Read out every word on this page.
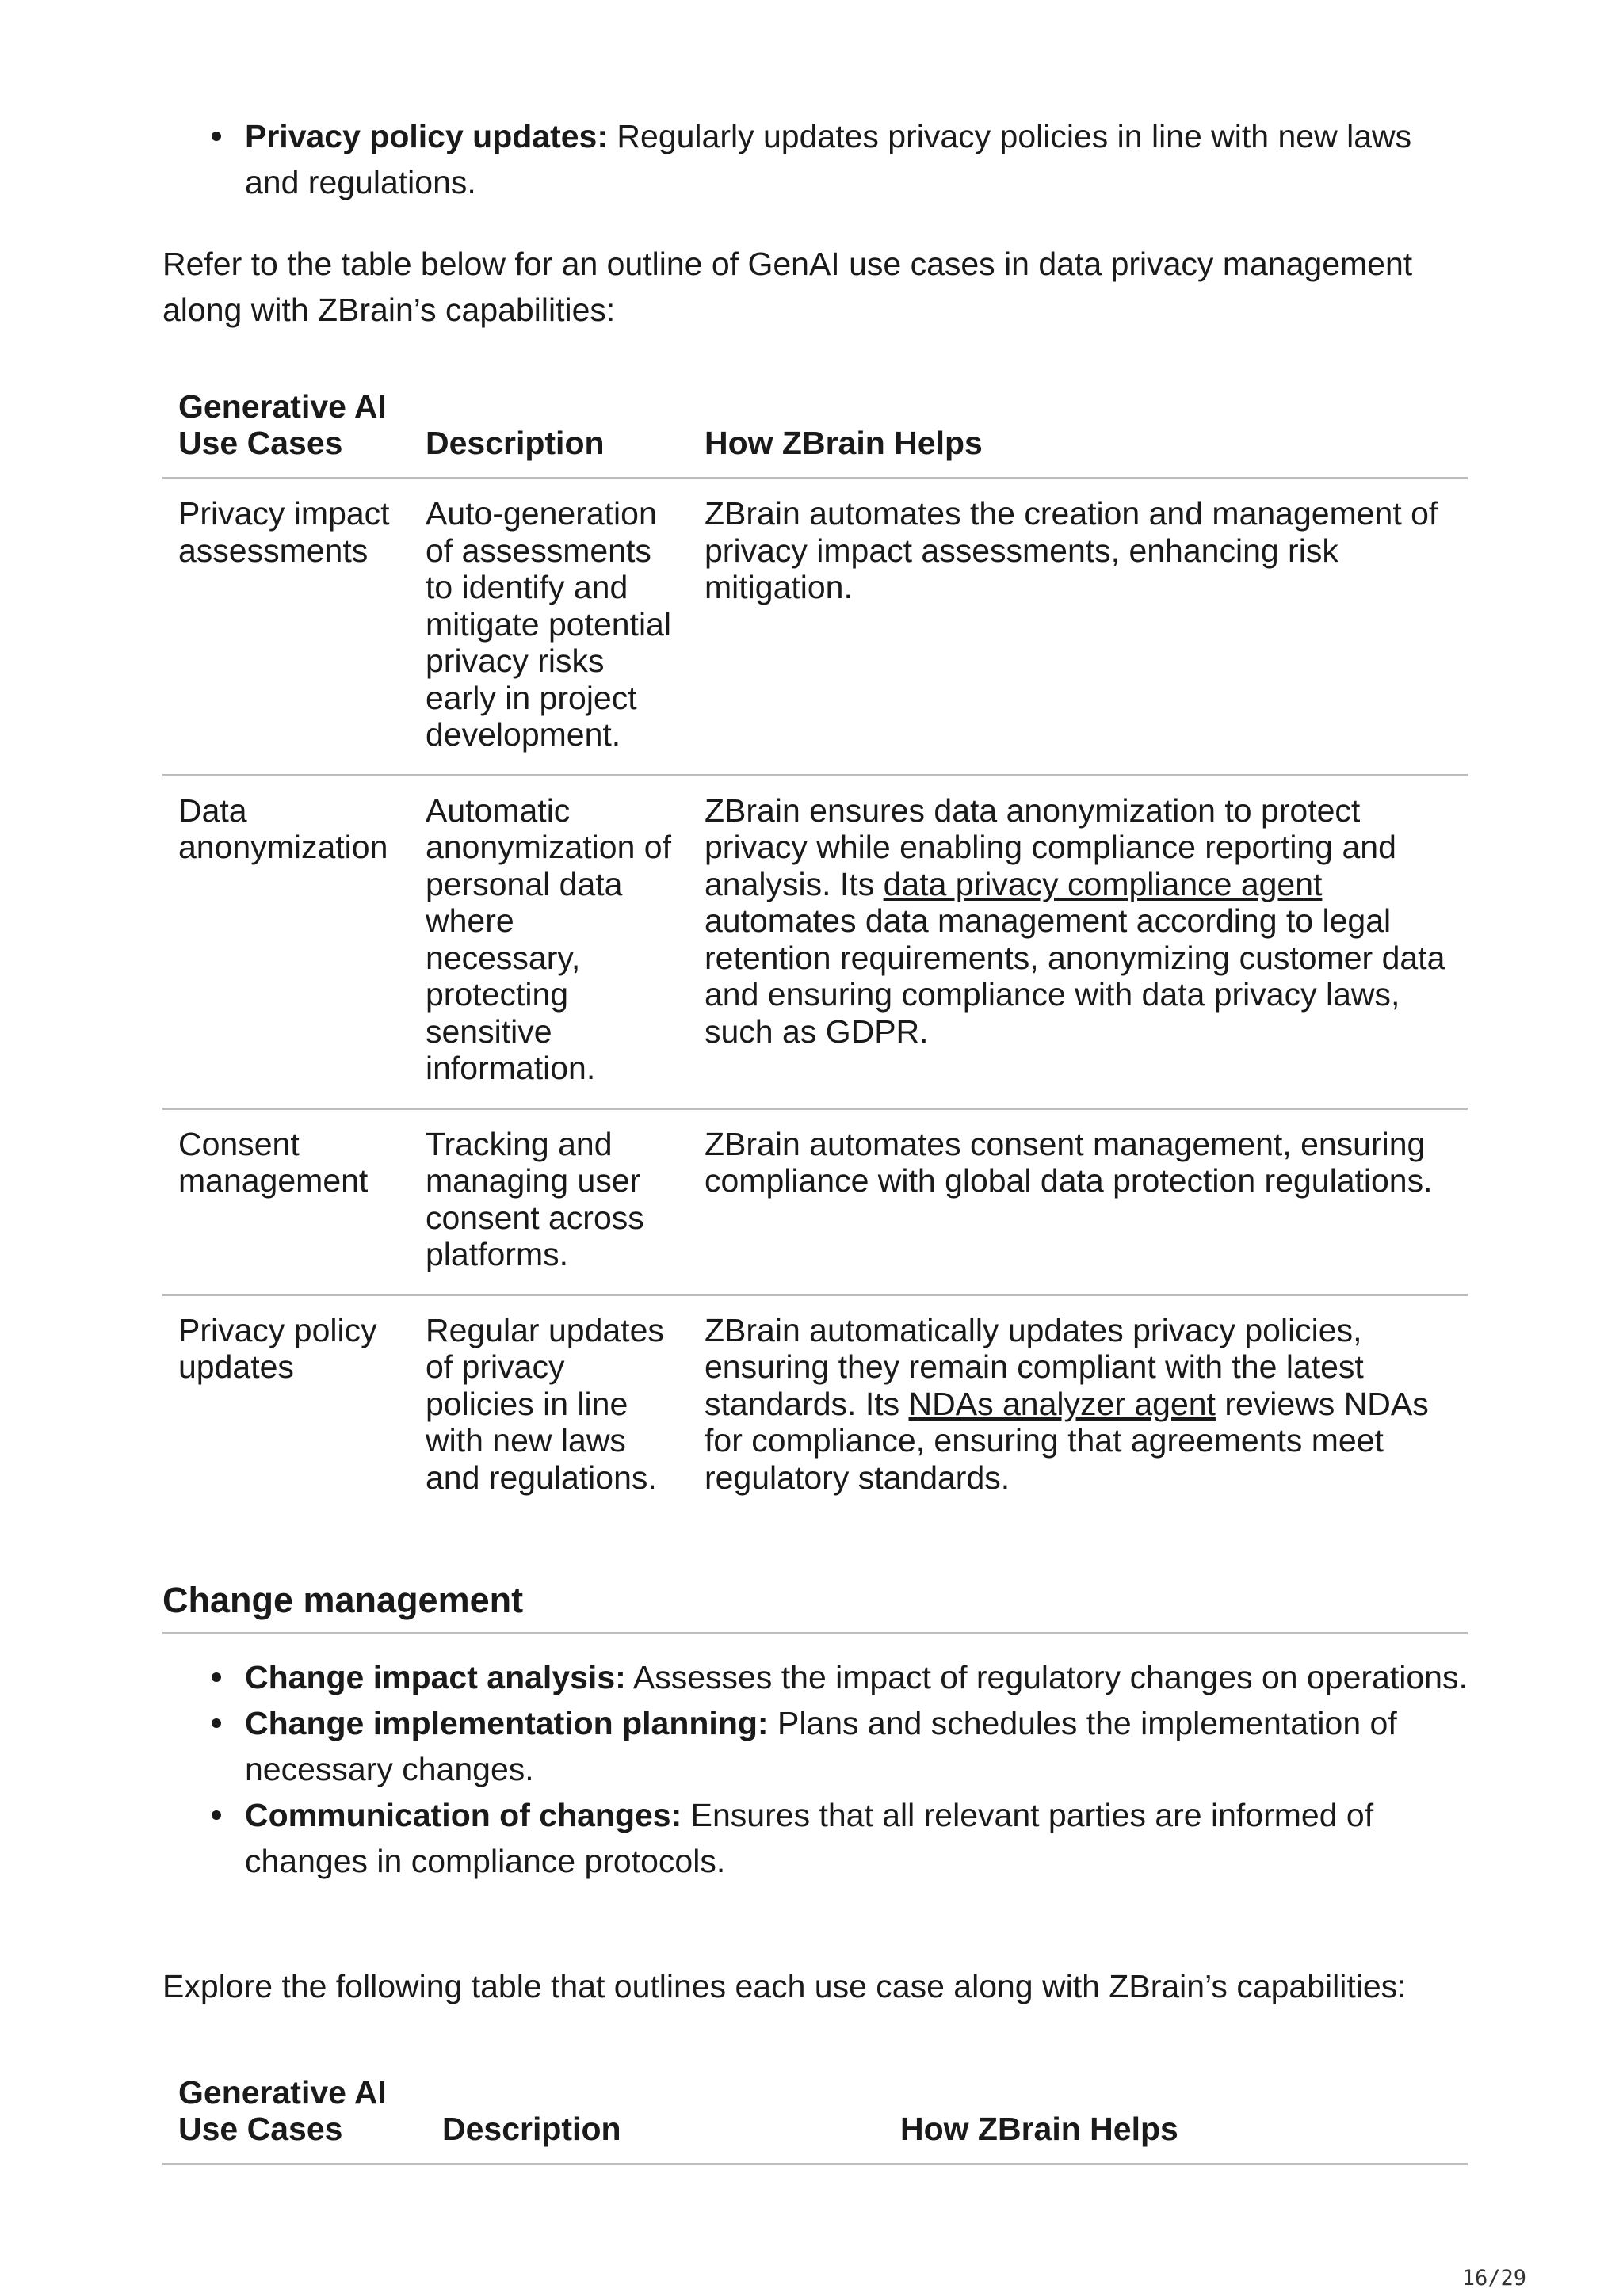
Privacy policy updates: Regularly updates privacy policies in line with new laws and regulations.

Refer to the table below for an outline of GenAI use cases in data privacy management along with ZBrain’s capabilities:

Generative AI Use Cases	Description	How ZBrain Helps
Privacy impact assessments	Auto-generation of assessments to identify and mitigate potential privacy risks early in project development.	ZBrain automates the creation and management of privacy impact assessments, enhancing risk mitigation.
Data anonymization	Automatic anonymization of personal data where necessary, protecting sensitive information.	ZBrain ensures data anonymization to protect privacy while enabling compliance reporting and analysis. Its data privacy compliance agent automates data management according to legal retention requirements, anonymizing customer data and ensuring compliance with data privacy laws, such as GDPR.
Consent management	Tracking and managing user consent across platforms.	ZBrain automates consent management, ensuring compliance with global data protection regulations.
Privacy policy updates	Regular updates of privacy policies in line with new laws and regulations.	ZBrain automatically updates privacy policies, ensuring they remain compliant with the latest standards. Its NDAs analyzer agent reviews NDAs for compliance, ensuring that agreements meet regulatory standards.
Change management
Change impact analysis: Assesses the impact of regulatory changes on operations.
Change implementation planning: Plans and schedules the implementation of necessary changes.
Communication of changes: Ensures that all relevant parties are informed of changes in compliance protocols.

Explore the following table that outlines each use case along with ZBrain’s capabilities:

Generative AI Use Cases	Description	How ZBrain Helps
16/29
